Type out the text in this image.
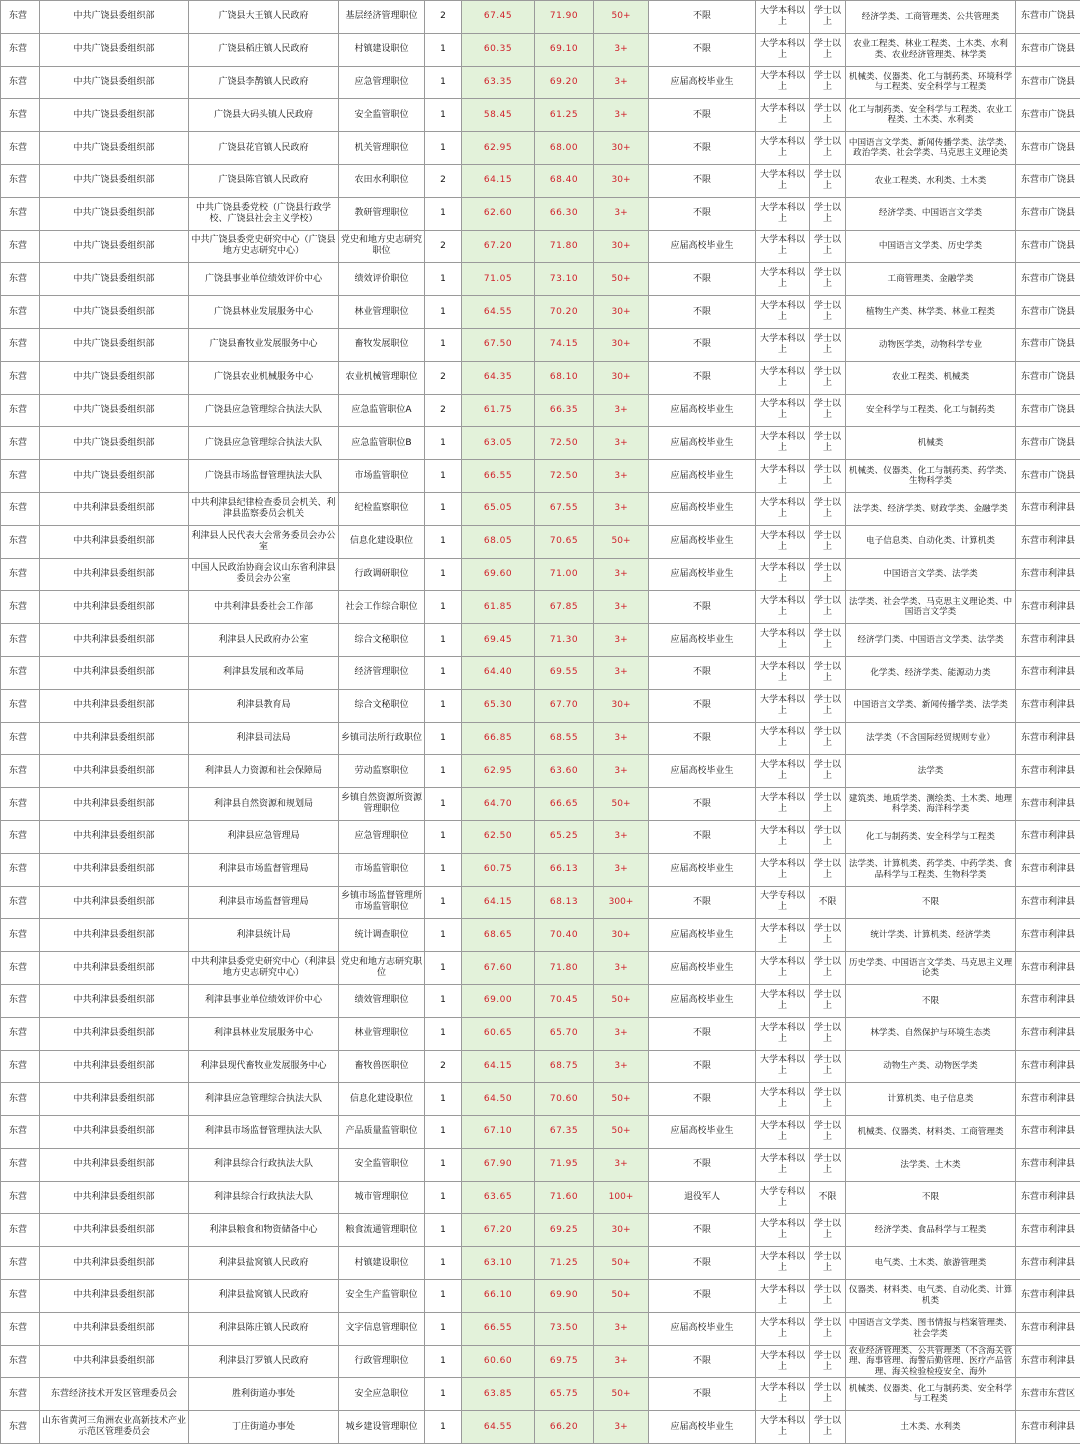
东营	中共广饶县委组织部	广饶县大王镇人民政府	基层经济管理职位	2	67.45	71.90	50+	不限	大学本科以上	学士以上	经济学类、工商管理类、公共管理类	东营市广饶县
东营	中共广饶县委组织部	广饶县稻庄镇人民政府	村镇建设职位	1	60.35	69.10	3+	不限	大学本科以上	学士以上	农业工程类、林业工程类、土木类、水利类、农业经济管理类、林学类	东营市广饶县
东营	中共广饶县委组织部	广饶县李鹊镇人民政府	应急管理职位	1	63.35	69.20	3+	应届高校毕业生	大学本科以上	学士以上	机械类、仪器类、化工与制药类、环境科学与工程类、安全科学与工程类	东营市广饶县
东营	中共广饶县委组织部	广饶县大码头镇人民政府	安全监管职位	1	58.45	61.25	3+	不限	大学本科以上	学士以上	化工与制药类、安全科学与工程类、农业工程类、土木类、水利类	东营市广饶县
东营	中共广饶县委组织部	广饶县花官镇人民政府	机关管理职位	1	62.95	68.00	30+	不限	大学本科以上	学士以上	中国语言文学类、新闻传播学类、法学类、政治学类、社会学类、马克思主义理论类	东营市广饶县
东营	中共广饶县委组织部	广饶县陈官镇人民政府	农田水利职位	2	64.15	68.40	30+	不限	大学本科以上	学士以上	农业工程类、水利类、土木类	东营市广饶县
东营	中共广饶县委组织部	中共广饶县委党校（广饶县行政学校、广饶县社会主义学校）	教研管理职位	1	62.60	66.30	3+	不限	大学本科以上	学士以上	经济学类、中国语言文学类	东营市广饶县
东营	中共广饶县委组织部	中共广饶县委党史研究中心（广饶县地方史志研究中心）	党史和地方史志研究职位	2	67.20	71.80	30+	应届高校毕业生	大学本科以上	学士以上	中国语言文学类、历史学类	东营市广饶县
东营	中共广饶县委组织部	广饶县事业单位绩效评价中心	绩效评价职位	1	71.05	73.10	50+	不限	大学本科以上	学士以上	工商管理类、金融学类	东营市广饶县
东营	中共广饶县委组织部	广饶县林业发展服务中心	林业管理职位	1	64.55	70.20	30+	不限	大学本科以上	学士以上	植物生产类、林学类、林业工程类	东营市广饶县
东营	中共广饶县委组织部	广饶县畜牧业发展服务中心	畜牧发展职位	1	67.50	74.15	30+	不限	大学本科以上	学士以上	动物医学类，动物科学专业	东营市广饶县
东营	中共广饶县委组织部	广饶县农业机械服务中心	农业机械管理职位	2	64.35	68.10	30+	不限	大学本科以上	学士以上	农业工程类、机械类	东营市广饶县
东营	中共广饶县委组织部	广饶县应急管理综合执法大队	应急监管职位A	2	61.75	66.35	3+	应届高校毕业生	大学本科以上	学士以上	安全科学与工程类、化工与制药类	东营市广饶县
东营	中共广饶县委组织部	广饶县应急管理综合执法大队	应急监管职位B	1	63.05	72.50	3+	应届高校毕业生	大学本科以上	学士以上	机械类	东营市广饶县
东营	中共广饶县委组织部	广饶县市场监督管理执法大队	市场监管职位	1	66.55	72.50	3+	应届高校毕业生	大学本科以上	学士以上	机械类、仪器类、化工与制药类、药学类、生物科学类	东营市广饶县
东营	中共利津县委组织部	中共利津县纪律检查委员会机关、利津县监察委员会机关	纪检监察职位	1	65.05	67.55	3+	应届高校毕业生	大学本科以上	学士以上	法学类、经济学类、财政学类、金融学类	东营市利津县
东营	中共利津县委组织部	利津县人民代表大会常务委员会办公室	信息化建设职位	1	68.05	70.65	50+	应届高校毕业生	大学本科以上	学士以上	电子信息类、自动化类、计算机类	东营市利津县
东营	中共利津县委组织部	中国人民政治协商会议山东省利津县委员会办公室	行政调研职位	1	69.60	71.00	3+	应届高校毕业生	大学本科以上	学士以上	中国语言文学类、法学类	东营市利津县
东营	中共利津县委组织部	中共利津县委社会工作部	社会工作综合职位	1	61.85	67.85	3+	不限	大学本科以上	学士以上	法学类、社会学类、马克思主义理论类、中国语言文学类	东营市利津县
东营	中共利津县委组织部	利津县人民政府办公室	综合文秘职位	1	69.45	71.30	3+	应届高校毕业生	大学本科以上	学士以上	经济学门类、中国语言文学类、法学类	东营市利津县
东营	中共利津县委组织部	利津县发展和改革局	经济管理职位	1	64.40	69.55	3+	不限	大学本科以上	学士以上	化学类、经济学类、能源动力类	东营市利津县
东营	中共利津县委组织部	利津县教育局	综合文秘职位	1	65.30	67.70	30+	不限	大学本科以上	学士以上	中国语言文学类、新闻传播学类、法学类	东营市利津县
东营	中共利津县委组织部	利津县司法局	乡镇司法所行政职位	1	66.85	68.55	3+	不限	大学本科以上	学士以上	法学类（不含国际经贸规则专业）	东营市利津县
东营	中共利津县委组织部	利津县人力资源和社会保障局	劳动监察职位	1	62.95	63.60	3+	应届高校毕业生	大学本科以上	学士以上	法学类	东营市利津县
东营	中共利津县委组织部	利津县自然资源和规划局	乡镇自然资源所资源管理职位	1	64.70	66.65	50+	不限	大学本科以上	学士以上	建筑类、地质学类、测绘类、土木类、地理科学类、海洋科学类	东营市利津县
东营	中共利津县委组织部	利津县应急管理局	应急管理职位	1	62.50	65.25	3+	不限	大学本科以上	学士以上	化工与制药类、安全科学与工程类	东营市利津县
东营	中共利津县委组织部	利津县市场监督管理局	市场监管职位	1	60.75	66.13	3+	应届高校毕业生	大学本科以上	学士以上	法学类、计算机类、药学类、中药学类、食品科学与工程类、生物科学类	东营市利津县
东营	中共利津县委组织部	利津县市场监督管理局	乡镇市场监督管理所市场监管职位	1	64.15	68.13	300+	不限	大学专科以上	不限	不限	东营市利津县
东营	中共利津县委组织部	利津县统计局	统计调查职位	1	68.65	70.40	30+	应届高校毕业生	大学本科以上	学士以上	统计学类、计算机类、经济学类	东营市利津县
东营	中共利津县委组织部	中共利津县委党史研究中心（利津县地方史志研究中心）	党史和地方志研究职位	1	67.60	71.80	3+	应届高校毕业生	大学本科以上	学士以上	历史学类、中国语言文学类、马克思主义理论类	东营市利津县
东营	中共利津县委组织部	利津县事业单位绩效评价中心	绩效管理职位	1	69.00	70.45	50+	应届高校毕业生	大学本科以上	学士以上	不限	东营市利津县
东营	中共利津县委组织部	利津县林业发展服务中心	林业管理职位	1	60.65	65.70	3+	不限	大学本科以上	学士以上	林学类、自然保护与环境生态类	东营市利津县
东营	中共利津县委组织部	利津县现代畜牧业发展服务中心	畜牧兽医职位	2	64.15	68.75	3+	不限	大学本科以上	学士以上	动物生产类、动物医学类	东营市利津县
东营	中共利津县委组织部	利津县应急管理综合执法大队	信息化建设职位	1	64.50	70.60	50+	不限	大学本科以上	学士以上	计算机类、电子信息类	东营市利津县
东营	中共利津县委组织部	利津县市场监督管理执法大队	产品质量监管职位	1	67.10	67.35	50+	应届高校毕业生	大学本科以上	学士以上	机械类、仪器类、材料类、工商管理类	东营市利津县
东营	中共利津县委组织部	利津县综合行政执法大队	安全监管职位	1	67.90	71.95	3+	不限	大学本科以上	学士以上	法学类、土木类	东营市利津县
东营	中共利津县委组织部	利津县综合行政执法大队	城市管理职位	1	63.65	71.60	100+	退役军人	大学专科以上	不限	不限	东营市利津县
东营	中共利津县委组织部	利津县粮食和物资储备中心	粮食流通管理职位	1	67.20	69.25	30+	不限	大学本科以上	学士以上	经济学类、食品科学与工程类	东营市利津县
东营	中共利津县委组织部	利津县盐窝镇人民政府	村镇建设职位	1	63.10	71.25	50+	不限	大学本科以上	学士以上	电气类、土木类、旅游管理类	东营市利津县
东营	中共利津县委组织部	利津县盐窝镇人民政府	安全生产监管职位	1	66.10	69.90	50+	不限	大学本科以上	学士以上	仪器类、材料类、电气类、自动化类、计算机类	东营市利津县
东营	中共利津县委组织部	利津县陈庄镇人民政府	文字信息管理职位	1	66.55	73.50	3+	应届高校毕业生	大学本科以上	学士以上	中国语言文学类、图书情报与档案管理类、社会学类	东营市利津县
东营	中共利津县委组织部	利津县汀罗镇人民政府	行政管理职位	1	60.60	69.75	3+	不限	大学本科以上	学士以上	农业经济管理类、公共管理类（不含海关管理、海事管理、海警后勤管理、医疗产品管理、海关检验检疫安全、海外	东营市利津县
东营	东营经济技术开发区管理委员会	胜利街道办事处	安全应急职位	1	63.85	65.75	50+	不限	大学本科以上	学士以上	机械类、仪器类、化工与制药类、安全科学与工程类	东营市东营区
东营	山东省黄河三角洲农业高新技术产业示范区管理委员会	丁庄街道办事处	城乡建设管理职位	1	64.55	66.20	3+	应届高校毕业生	大学本科以上	学士以上	土木类、水利类	东营市利津县
